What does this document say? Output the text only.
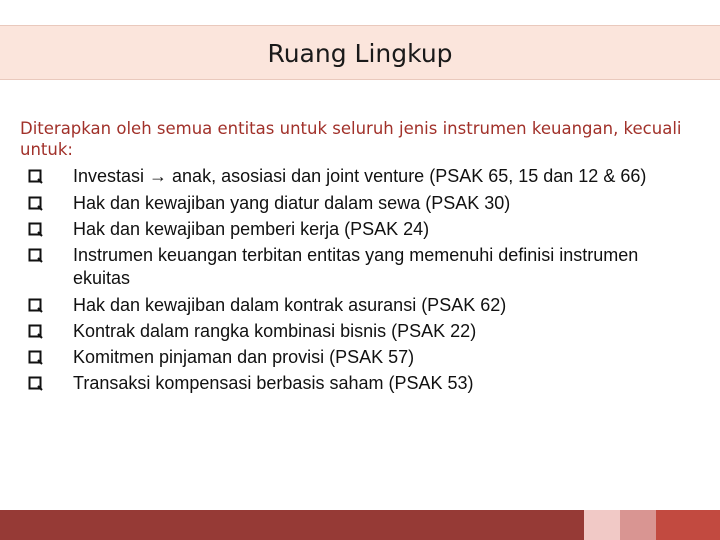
Ruang Lingkup
Diterapkan oleh semua entitas untuk seluruh jenis instrumen keuangan, kecuali untuk:
Investasi → anak, asosiasi dan joint venture (PSAK 65, 15 dan 12 & 66)
Hak dan kewajiban yang diatur dalam sewa (PSAK 30)
Hak dan kewajiban pemberi kerja (PSAK 24)
Instrumen keuangan terbitan entitas yang memenuhi definisi instrumen ekuitas
Hak dan kewajiban dalam kontrak asuransi (PSAK 62)
Kontrak dalam rangka kombinasi bisnis (PSAK 22)
Komitmen pinjaman dan provisi (PSAK 57)
Transaksi kompensasi berbasis saham (PSAK 53)
